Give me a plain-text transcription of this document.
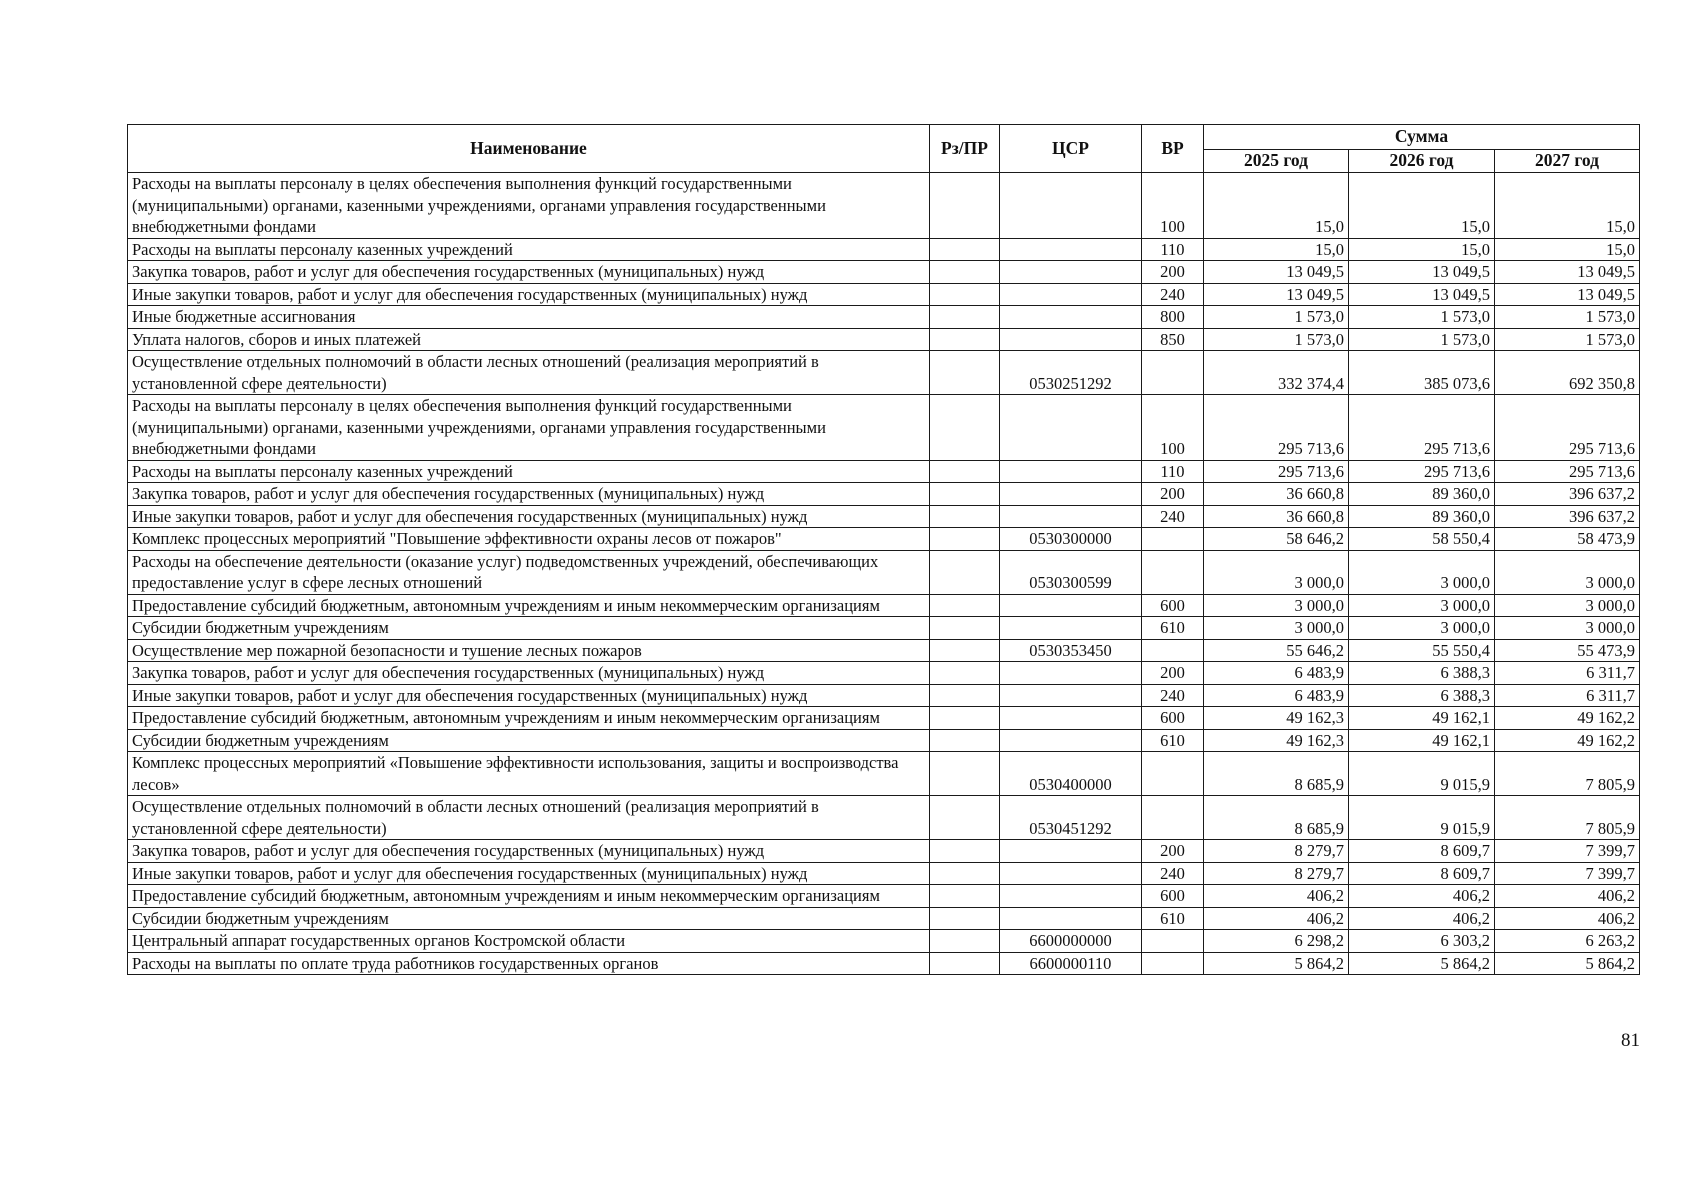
Наименование	Рз/ПР	ЦСР	ВР	Сумма		
				2025 год	2026 год	2027 год
Расходы на выплаты персоналу в целях обеспечения выполнения функций государственными (муниципальными) органами, казенными учреждениями, органами управления государственными внебюджетными фондами			100	15,0	15,0	15,0
Расходы на выплаты персоналу казенных учреждений			110	15,0	15,0	15,0
Закупка товаров, работ и услуг для обеспечения государственных (муниципальных) нужд			200	13 049,5	13 049,5	13 049,5
Иные закупки товаров, работ и услуг для обеспечения государственных (муниципальных) нужд			240	13 049,5	13 049,5	13 049,5
Иные бюджетные ассигнования			800	1 573,0	1 573,0	1 573,0
Уплата налогов, сборов и иных платежей			850	1 573,0	1 573,0	1 573,0
Осуществление отдельных полномочий в области лесных отношений (реализация мероприятий в установленной сфере деятельности)		0530251292		332 374,4	385 073,6	692 350,8
Расходы на выплаты персоналу в целях обеспечения выполнения функций государственными (муниципальными) органами, казенными учреждениями, органами управления государственными внебюджетными фондами			100	295 713,6	295 713,6	295 713,6
Расходы на выплаты персоналу казенных учреждений			110	295 713,6	295 713,6	295 713,6
Закупка товаров, работ и услуг для обеспечения государственных (муниципальных) нужд			200	36 660,8	89 360,0	396 637,2
Иные закупки товаров, работ и услуг для обеспечения государственных (муниципальных) нужд			240	36 660,8	89 360,0	396 637,2
Комплекс процессных мероприятий "Повышение эффективности охраны лесов от пожаров"		0530300000		58 646,2	58 550,4	58 473,9
Расходы на обеспечение деятельности (оказание услуг) подведомственных учреждений, обеспечивающих предоставление услуг в сфере лесных отношений		0530300599		3 000,0	3 000,0	3 000,0
Предоставление субсидий бюджетным, автономным учреждениям и иным некоммерческим организациям			600	3 000,0	3 000,0	3 000,0
Субсидии бюджетным учреждениям			610	3 000,0	3 000,0	3 000,0
Осуществление мер пожарной безопасности и тушение лесных пожаров		0530353450		55 646,2	55 550,4	55 473,9
Закупка товаров, работ и услуг для обеспечения государственных (муниципальных) нужд			200	6 483,9	6 388,3	6 311,7
Иные закупки товаров, работ и услуг для обеспечения государственных (муниципальных) нужд			240	6 483,9	6 388,3	6 311,7
Предоставление субсидий бюджетным, автономным учреждениям и иным некоммерческим организациям			600	49 162,3	49 162,1	49 162,2
Субсидии бюджетным учреждениям			610	49 162,3	49 162,1	49 162,2
Комплекс процессных мероприятий «Повышение эффективности использования, защиты и воспроизводства лесов»		0530400000		8 685,9	9 015,9	7 805,9
Осуществление отдельных полномочий в области лесных отношений (реализация мероприятий в установленной сфере деятельности)		0530451292		8 685,9	9 015,9	7 805,9
Закупка товаров, работ и услуг для обеспечения государственных (муниципальных) нужд			200	8 279,7	8 609,7	7 399,7
Иные закупки товаров, работ и услуг для обеспечения государственных (муниципальных) нужд			240	8 279,7	8 609,7	7 399,7
Предоставление субсидий бюджетным, автономным учреждениям и иным некоммерческим организациям			600	406,2	406,2	406,2
Субсидии бюджетным учреждениям			610	406,2	406,2	406,2
Центральный аппарат государственных органов Костромской области		6600000000		6 298,2	6 303,2	6 263,2
Расходы на выплаты по оплате труда работников государственных органов		6600000110		5 864,2	5 864,2	5 864,2
81
